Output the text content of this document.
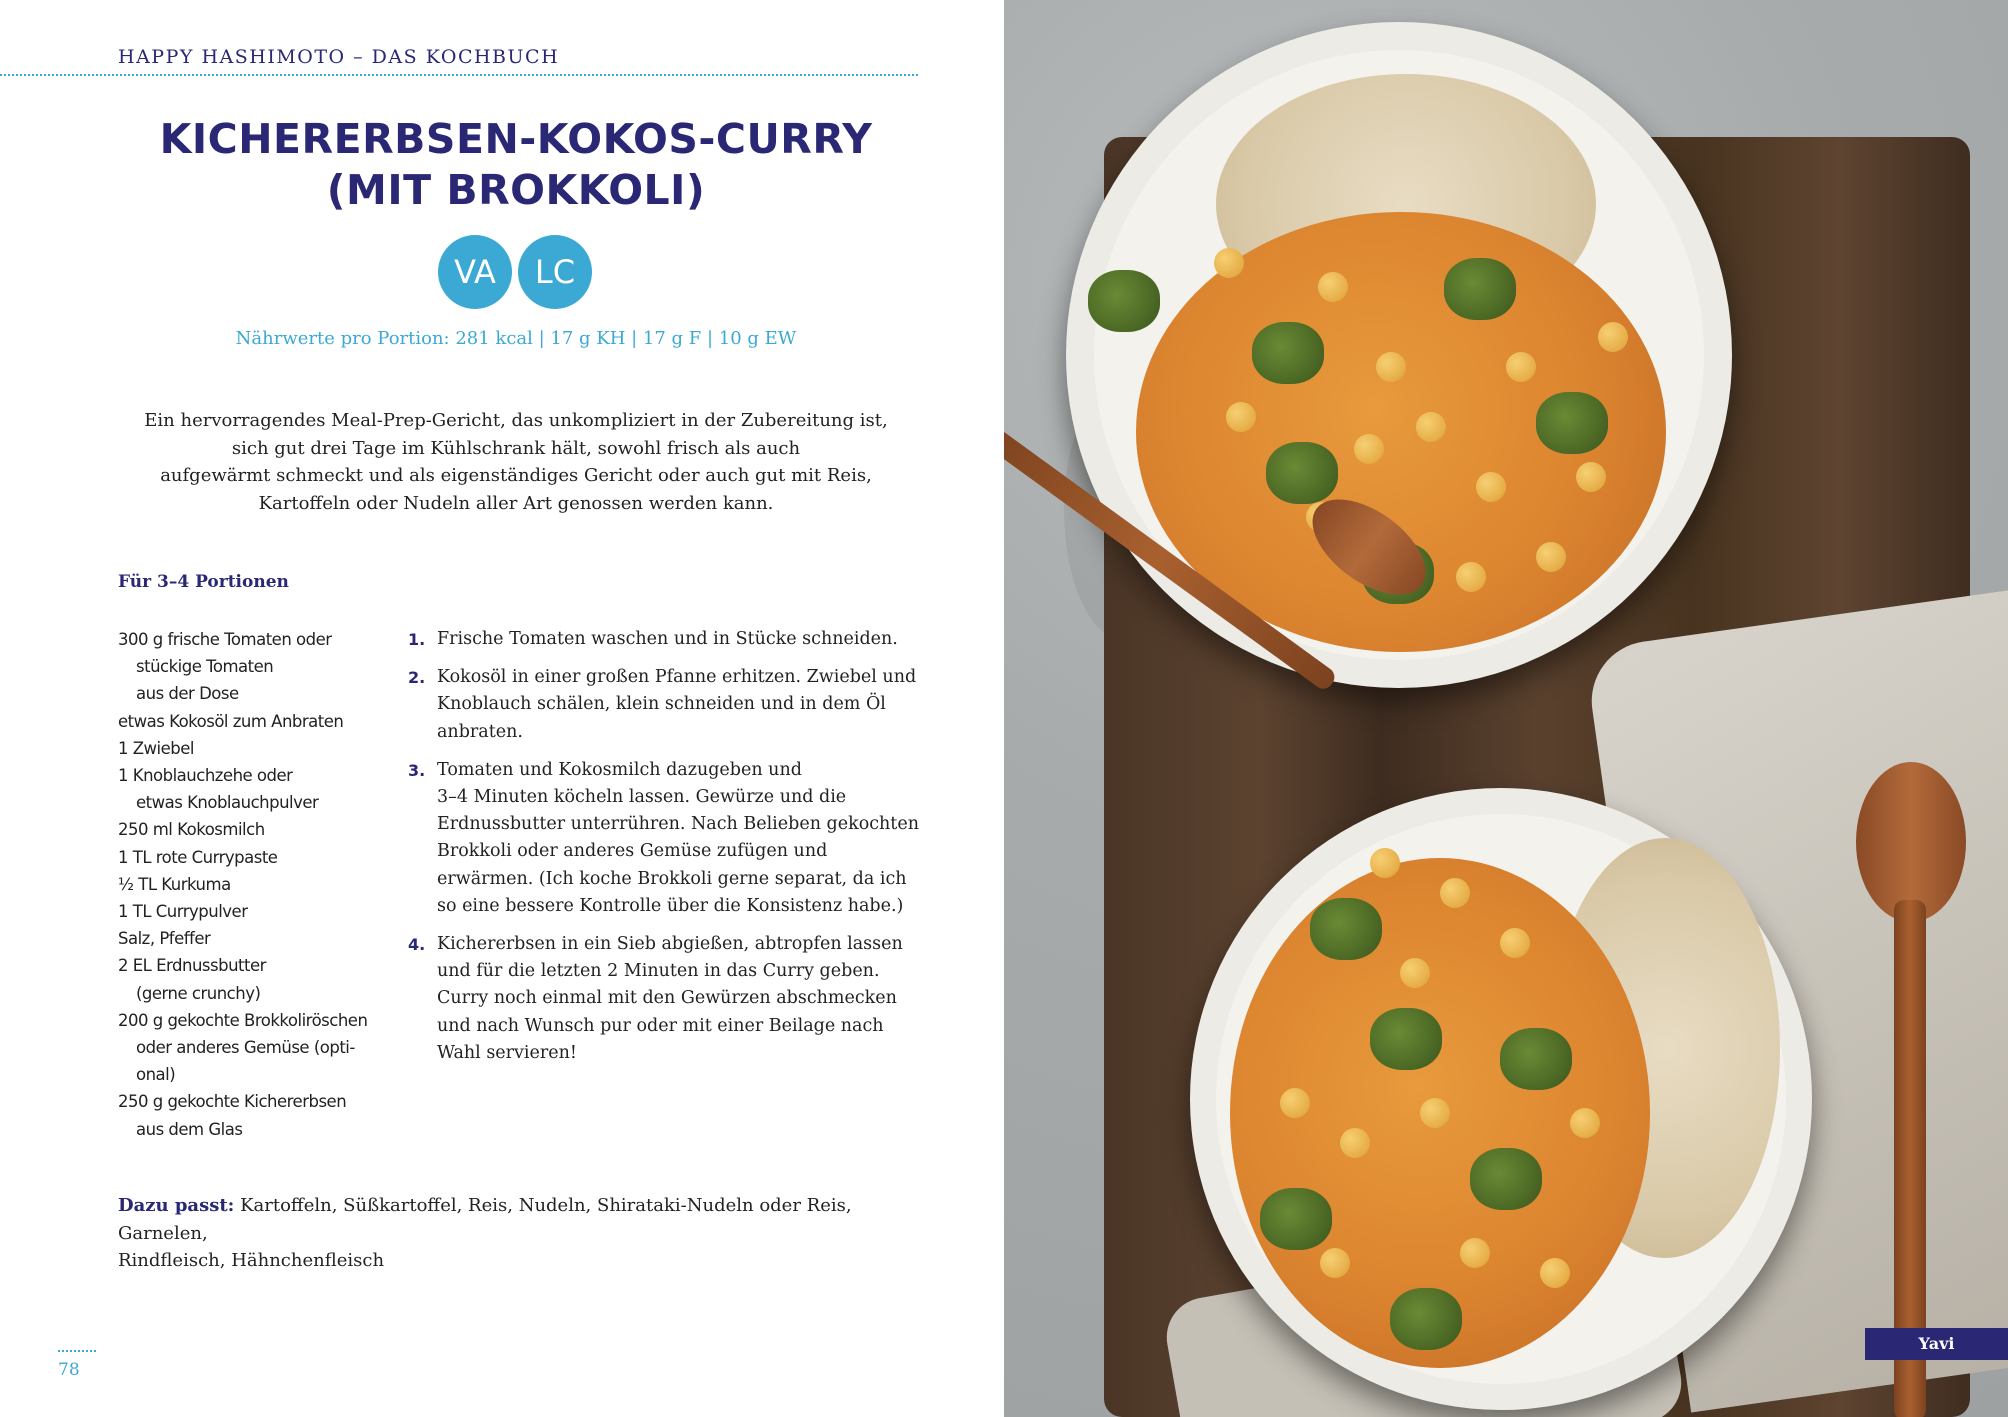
HAPPY HASHIMOTO – DAS KOCHBUCH
KICHERERBSEN-KOKOS-CURRY
(MIT BROKKOLI)
VA	LC
Nährwerte pro Portion: 281 kcal | 17 g KH | 17 g F | 10 g EW
Ein hervorragendes Meal-Prep-Gericht, das unkompliziert in der Zubereitung ist,
sich gut drei Tage im Kühlschrank hält, sowohl frisch als auch
aufgewärmt schmeckt und als eigenständiges Gericht oder auch gut mit Reis,
Kartoffeln oder Nudeln aller Art genossen werden kann.
Für 3–4 Portionen
300 g frische Tomaten oder
stückige Tomaten
aus der Dose
etwas Kokosöl zum Anbraten
1 Zwiebel
1 Knoblauchzehe oder
etwas Knoblauchpulver
250 ml Kokosmilch
1 TL rote Currypaste
½ TL Kurkuma
1 TL Currypulver
Salz, Pfeffer
2 EL Erdnussbutter
(gerne crunchy)
200 g gekochte Brokkoliröschen
oder anderes Gemüse (opti-
onal)
250 g gekochte Kichererbsen
aus dem Glas
1. Frische Tomaten waschen und in Stücke schneiden.
2. Kokosöl in einer großen Pfanne erhitzen. Zwiebel und
Knoblauch schälen, klein schneiden und in dem Öl
anbraten.
3. Tomaten und Kokosmilch dazugeben und
3–4 Minuten köcheln lassen. Gewürze und die
Erdnussbutter unterrühren. Nach Belieben gekochten
Brokkoli oder anderes Gemüse zufügen und
erwärmen. (Ich koche Brokkoli gerne separat, da ich
so eine bessere Kontrolle über die Konsistenz habe.)
4. Kichererbsen in ein Sieb abgießen, abtropfen lassen
und für die letzten 2 Minuten in das Curry geben.
Curry noch einmal mit den Gewürzen abschmecken
und nach Wunsch pur oder mit einer Beilage nach
Wahl servieren!
Dazu passt: Kartoffeln, Süßkartoffel, Reis, Nudeln, Shirataki-Nudeln oder Reis, Garnelen,
Rindfleisch, Hähnchenfleisch
78
Yavi
